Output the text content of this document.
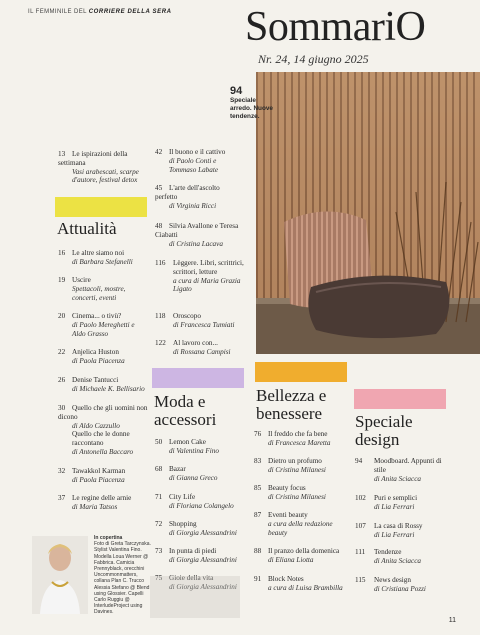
IL FEMMINILE DEL CORRIERE DELLA SERA SommariO
Nr. 24, 14 giugno 2025
94
Speciale arredo. Nuove tendenze.
13 Le ispirazioni della settimana
Vasi arabescati, scarpe d'autore, festival detox
Attualità
16 Le altre siamo noi
di Barbara Stefanelli
19 Uscire
Spettacoli, mostre, concerti, eventi
20 Cinema... o tivù?
di Paolo Mereghetti e Aldo Grasso
22 Anjelica Huston
di Paola Piacenza
26 Denise Tantucci
di Michaele K. Bellisario
30 Quello che gli uomini non dicono
di Aldo Cazzullo
Quello che le donne raccontano
di Antonella Baccaro
32 Tawakkol Karman
di Paola Piacenza
37 Le regine delle arnie
di Maria Tatsos
42 Il buono e il cattivo
di Paolo Conti e Tommaso Labate
45 L'arte dell'ascolto perfetto
di Virginia Ricci
48 Silvia Avallone e Teresa Ciabatti
di Cristina Lacava
116	Lèggere. Libri, scrittrici, scrittori, letture
a cura di Maria Grazia Ligato
118	Oroscopo
di Francesca Tumiati
122	Al lavoro con...
di Rossana Campisi
Moda e accessori
50 Lemon Cake
di Valentina Fino
68 Bazar
di Gianna Greco
71 City Life
di Floriana Colangelo
72 Shopping
di Giorgia Alessandrini
73 In punta di piedi
di Giorgia Alessandrini
75 Gioie della vita
di Giorgia Alessandrini
Bellezza e benessere
76 Il freddo che fa bene
di Francesca Maretta
83 Dietro un profumo
di Cristina Milanesi
85 Beauty focus
di Cristina Milanesi
87 Eventi beauty
a cura della redazione beauty
88 Il pranzo della domenica
di Eliana Liotta
91 Block Notes
a cura di Luisa Brambilla
Speciale design
94	Moodboard. Appunti di stile
di Anita Sciacca
102	Puri e semplici
di Lia Ferrari
107	La casa di Rossy
di Lia Ferrari
111	Tendenze
di Anita Sciacca
115	News design
di Cristiana Pozzi
In copertina
Foto di Greta Tarczynska. Stylist Valentina Fino. Modella Loua Werner @ Fabbrica. Camicia Prennyblack, orecchini Uncommonmatters, collana Plan C. Trucco Alessia Stefano @ Blend using Glossier. Capelli Carlo Ruggiu @ InterludeProject using Davines.
11
